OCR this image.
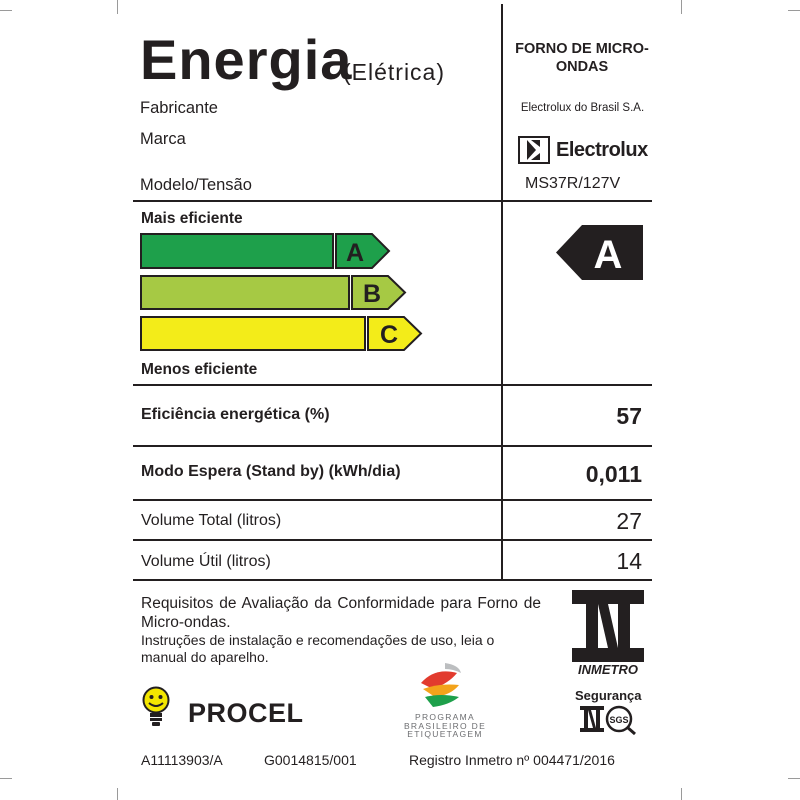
Energia
(Elétrica)
Fabricante
Marca
Modelo/Tensão
FORNO DE MICRO-ONDAS
Electrolux do Brasil S.A.
Electrolux
MS37R/127V
Mais eficiente
A
B
C
Menos eficiente
A
Eficiência energética (%)	57
Modo Espera (Stand by) (kWh/dia)	0,011
Volume Total (litros)	27
Volume Útil (litros)	14
Requisitos de Avaliação da Conformidade para Forno de Micro-ondas.
Instruções de instalação e recomendações de uso, leia o manual do aparelho.
PROCEL	PROGRAMA BRASILEIRO DE ETIQUETAGEM
INMETRO
Segurança
SGS
A11113903/A	G0014815/001	Registro Inmetro nº 004471/2016
